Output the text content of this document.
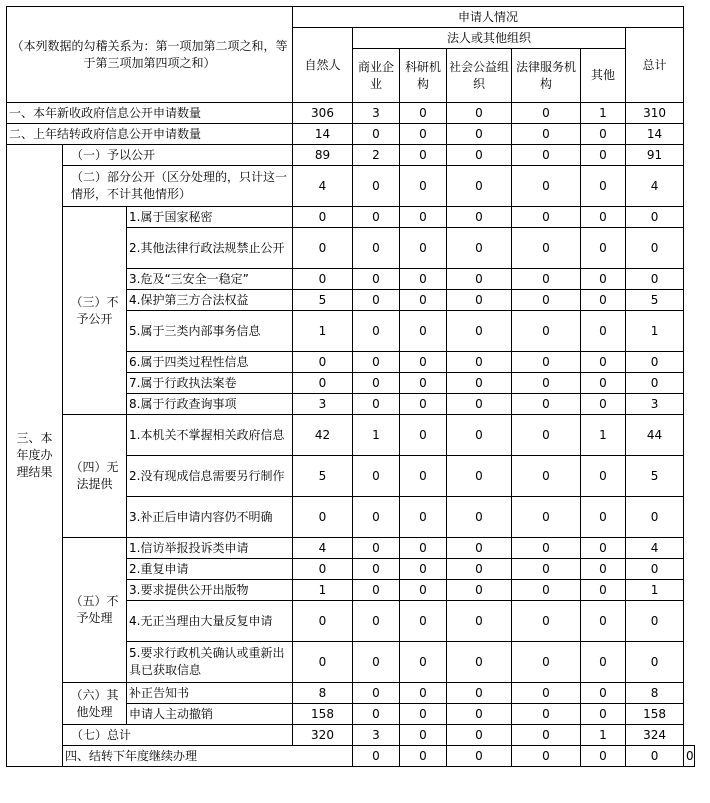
（本列数据的勾稽关系为：第一项加第二项之和，等于第三项加第四项之和）			申请人情况							
			自然人	法人或其他组织					总计	
				商业企业	科研机构	社会公益组织	法律服务机构	其他		
一、本年新收政府信息公开申请数量			306	3	0	0	0	1	310	
二、上年结转政府信息公开申请数量			14	0	0	0	0	0	14	
三、本年度办理结果	（一）予以公开		89	2	0	0	0	0	91	
	（二）部分公开（区分处理的，只计这一情形，不计其他情形）		4	0	0	0	0	0	4	
	（三）不予公开	1.属于国家秘密	0	0	0	0	0	0	0	
		2.其他法律行政法规禁止公开	0	0	0	0	0	0	0	
		3.危及“三安全一稳定”	0	0	0	0	0	0	0	
		4.保护第三方合法权益	5	0	0	0	0	0	5	
		5.属于三类内部事务信息	1	0	0	0	0	0	1	
		6.属于四类过程性信息	0	0	0	0	0	0	0	
		7.属于行政执法案卷	0	0	0	0	0	0	0	
		8.属于行政查询事项	3	0	0	0	0	0	3	
	（四）无法提供	1.本机关不掌握相关政府信息	42	1	0	0	0	1	44	
		2.没有现成信息需要另行制作	5	0	0	0	0	0	5	
		3.补正后申请内容仍不明确	0	0	0	0	0	0	0	
	（五）不予处理	1.信访举报投诉类申请	4	0	0	0	0	0	4	
		2.重复申请	0	0	0	0	0	0	0	
		3.要求提供公开出版物	1	0	0	0	0	0	1	
		4.无正当理由大量反复申请	0	0	0	0	0	0	0	
		5.要求行政机关确认或重新出具已获取信息	0	0	0	0	0	0	0	
	（六）其他处理	补正告知书	8	0	0	0	0	0	8	
		申请人主动撤销	158	0	0	0	0	0	158	
	（七）总计		320	3	0	0	0	1	324	
	四、结转下年度继续办理			0	0	0	0	0	0	0
